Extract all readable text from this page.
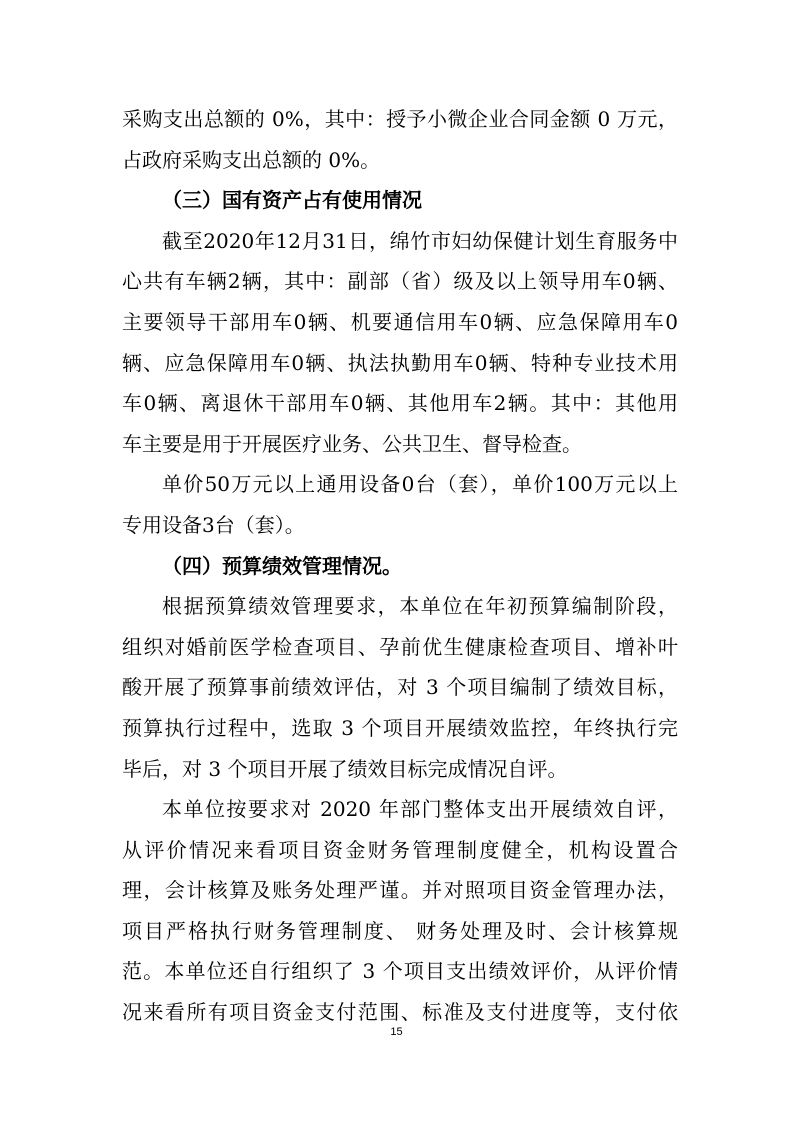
采购支出总额的 0%，其中：授予小微企业合同金额 0 万元，
占政府采购支出总额的 0%。
（三）国有资产占有使用情况
截至2020年12月31日，绵竹市妇幼保健计划生育服务中
心共有车辆2辆，其中：副部（省）级及以上领导用车0辆、
主要领导干部用车0辆、机要通信用车0辆、应急保障用车0
辆、应急保障用车0辆、执法执勤用车0辆、特种专业技术用
车0辆、离退休干部用车0辆、其他用车2辆。其中：其他用
车主要是用于开展医疗业务、公共卫生、督导检查。
单价50万元以上通用设备0台（套），单价100万元以上
专用设备3台（套）。
（四）预算绩效管理情况。
根据预算绩效管理要求，本单位在年初预算编制阶段，
组织对婚前医学检查项目、孕前优生健康检查项目、增补叶
酸开展了预算事前绩效评估，对 3 个项目编制了绩效目标，
预算执行过程中，选取 3 个项目开展绩效监控，年终执行完
毕后，对 3 个项目开展了绩效目标完成情况自评。
本单位按要求对 2020 年部门整体支出开展绩效自评，
从评价情况来看项目资金财务管理制度健全，机构设置合
理，会计核算及账务处理严谨。并对照项目资金管理办法，
项目严格执行财务管理制度、 财务处理及时、会计核算规
范。本单位还自行组织了 3 个项目支出绩效评价，从评价情
况来看所有项目资金支付范围、标准及支付进度等，支付依
15
